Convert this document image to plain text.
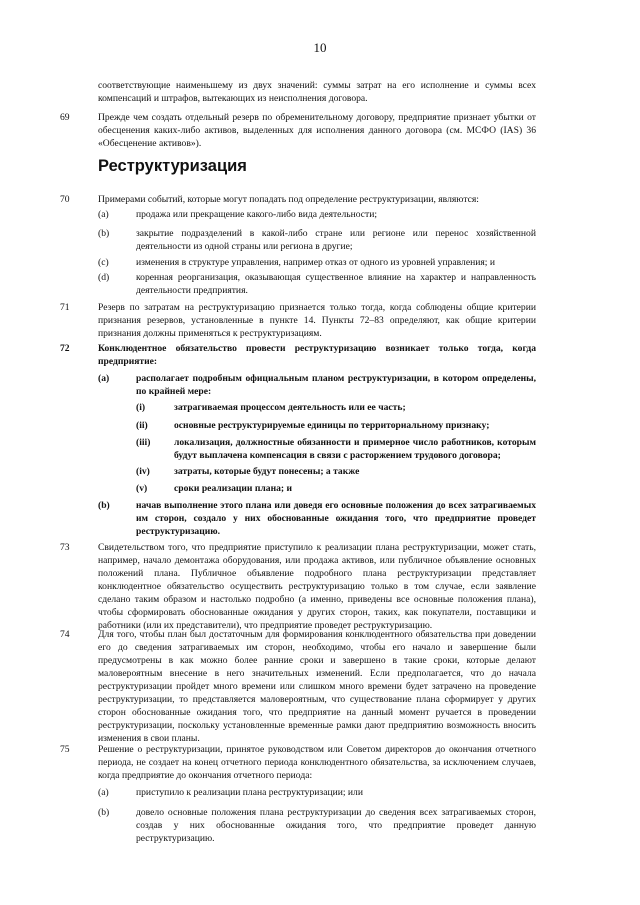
10
соответствующие наименьшему из двух значений: суммы затрат на его исполнение и суммы всех компенсаций и штрафов, вытекающих из неисполнения договора.
69	Прежде чем создать отдельный резерв по обременительному договору, предприятие признает убытки от обесценения каких-либо активов, выделенных для исполнения данного договора (см. МСФО (IAS) 36 «Обесценение активов»).
Реструктуризация
70	Примерами событий, которые могут попадать под определение реструктуризации, являются:
(a)	продажа или прекращение какого-либо вида деятельности;
(b)	закрытие подразделений в какой-либо стране или регионе или перенос хозяйственной деятельности из одной страны или региона в другие;
(c)	изменения в структуре управления, например отказ от одного из уровней управления; и
(d)	коренная реорганизация, оказывающая существенное влияние на характер и направленность деятельности предприятия.
71	Резерв по затратам на реструктуризацию признается только тогда, когда соблюдены общие критерии признания резервов, установленные в пункте 14. Пункты 72–83 определяют, как общие критерии признания должны применяться к реструктуризациям.
72	Конклюдентное обязательство провести реструктуризацию возникает только тогда, когда предприятие:
(a)	располагает подробным официальным планом реструктуризации, в котором определены, по крайней мере:
(i)	затрагиваемая процессом деятельность или ее часть;
(ii)	основные реструктурируемые единицы по территориальному признаку;
(iii) локализация, должностные обязанности и примерное число работников, которым будут выплачена компенсация в связи с расторжением трудового договора;
(iv)	затраты, которые будут понесены; а также
(v)	сроки реализации плана; и
(b)	начав выполнение этого плана или доведя его основные положения до всех затрагиваемых им сторон, создало у них обоснованные ожидания того, что предприятие проведет реструктуризацию.
73	Свидетельством того, что предприятие приступило к реализации плана реструктуризации, может стать, например, начало демонтажа оборудования, или продажа активов, или публичное объявление основных положений плана. Публичное объявление подробного плана реструктуризации представляет конклюдентное обязательство осуществить реструктуризацию только в том случае, если заявление сделано таким образом и настолько подробно (а именно, приведены все основные положения плана), чтобы сформировать обоснованные ожидания у других сторон, таких, как покупатели, поставщики и работники (или их представители), что предприятие проведет реструктуризацию.
74	Для того, чтобы план был достаточным для формирования конклюдентного обязательства при доведении его до сведения затрагиваемых им сторон, необходимо, чтобы его начало и завершение были предусмотрены в как можно более ранние сроки и завершено в такие сроки, которые делают маловероятным внесение в него значительных изменений. Если предполагается, что до начала реструктуризации пройдет много времени или слишком много времени будет затрачено на проведение реструктуризации, то представляется маловероятным, что существование плана сформирует у других сторон обоснованные ожидания того, что предприятие на данный момент ручается в проведении реструктуризации, поскольку установленные временные рамки дают предприятию возможность вносить изменения в свои планы.
75	Решение о реструктуризации, принятое руководством или Советом директоров до окончания отчетного периода, не создает на конец отчетного периода конклюдентного обязательства, за исключением случаев, когда предприятие до окончания отчетного периода:
(a)	приступило к реализации плана реструктуризации; или
(b)	довело основные положения плана реструктуризации до сведения всех затрагиваемых сторон, создав у них обоснованные ожидания того, что предприятие проведет данную реструктуризацию.
